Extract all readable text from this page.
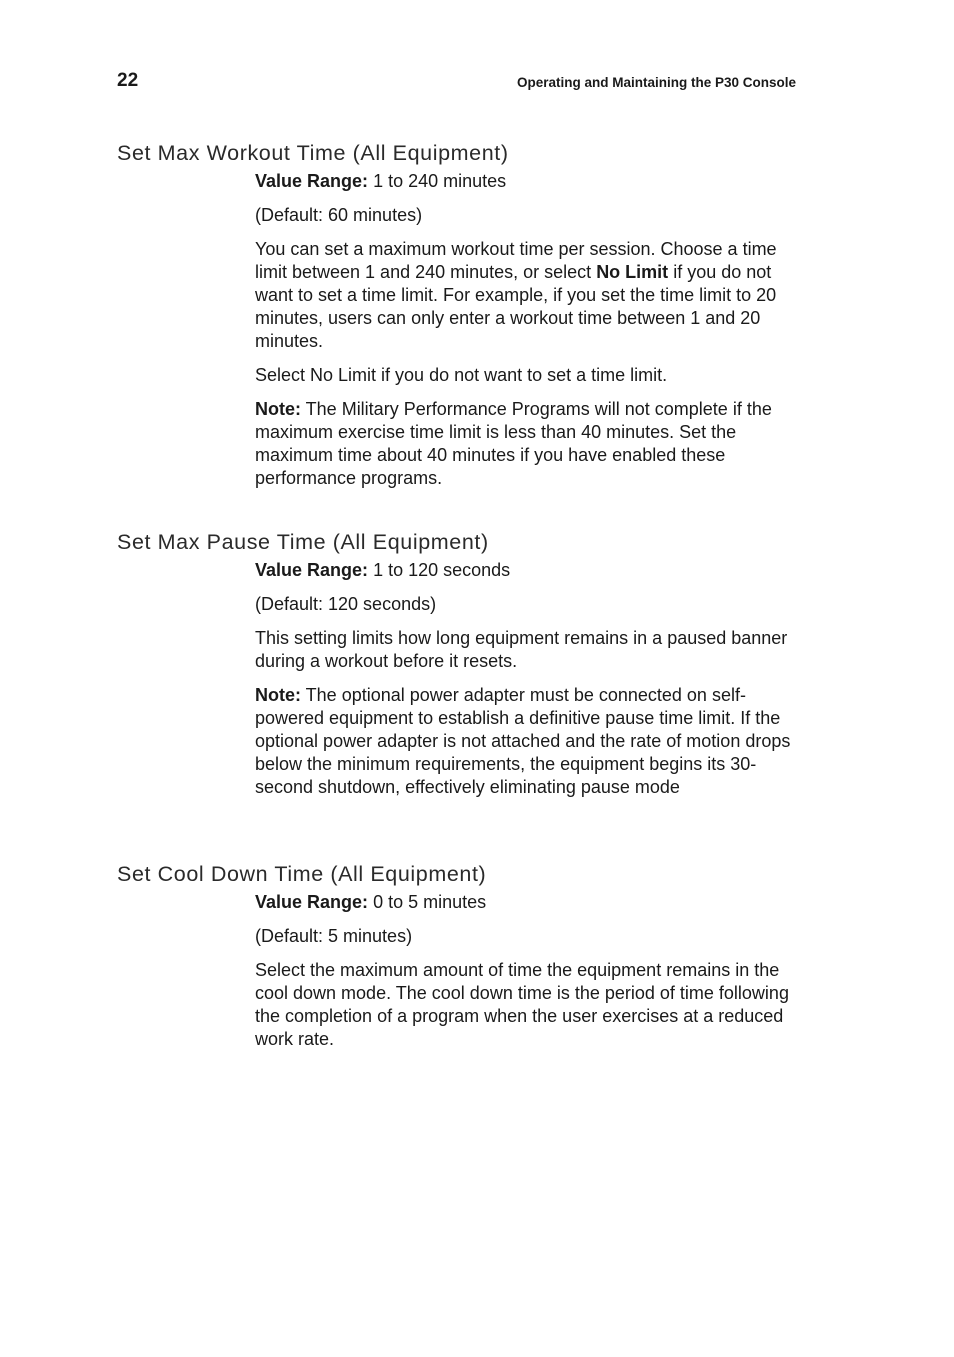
22	Operating and Maintaining the P30 Console
Set Max Workout Time (All Equipment)

Value Range: 1 to 240 minutes

(Default: 60 minutes)

You can set a maximum workout time per session. Choose a time limit between 1 and 240 minutes, or select No Limit if you do not want to set a time limit. For example, if you set the time limit to 20 minutes, users can only enter a workout time between 1 and 20 minutes.

Select No Limit if you do not want to set a time limit.

Note: The Military Performance Programs will not complete if the maximum exercise time limit is less than 40 minutes. Set the maximum time about 40 minutes if you have enabled these performance programs.

Set Max Pause Time (All Equipment)

Value Range: 1 to 120 seconds

(Default: 120 seconds)

This setting limits how long equipment remains in a paused banner during a workout before it resets.

Note: The optional power adapter must be connected on self-powered equipment to establish a definitive pause time limit. If the optional power adapter is not attached and the rate of motion drops below the minimum requirements, the equipment begins its 30-second shutdown, effectively eliminating pause mode

Set Cool Down Time (All Equipment)

Value Range: 0 to 5 minutes

(Default: 5 minutes)

Select the maximum amount of time the equipment remains in the cool down mode. The cool down time is the period of time following the completion of a program when the user exercises at a reduced work rate.
